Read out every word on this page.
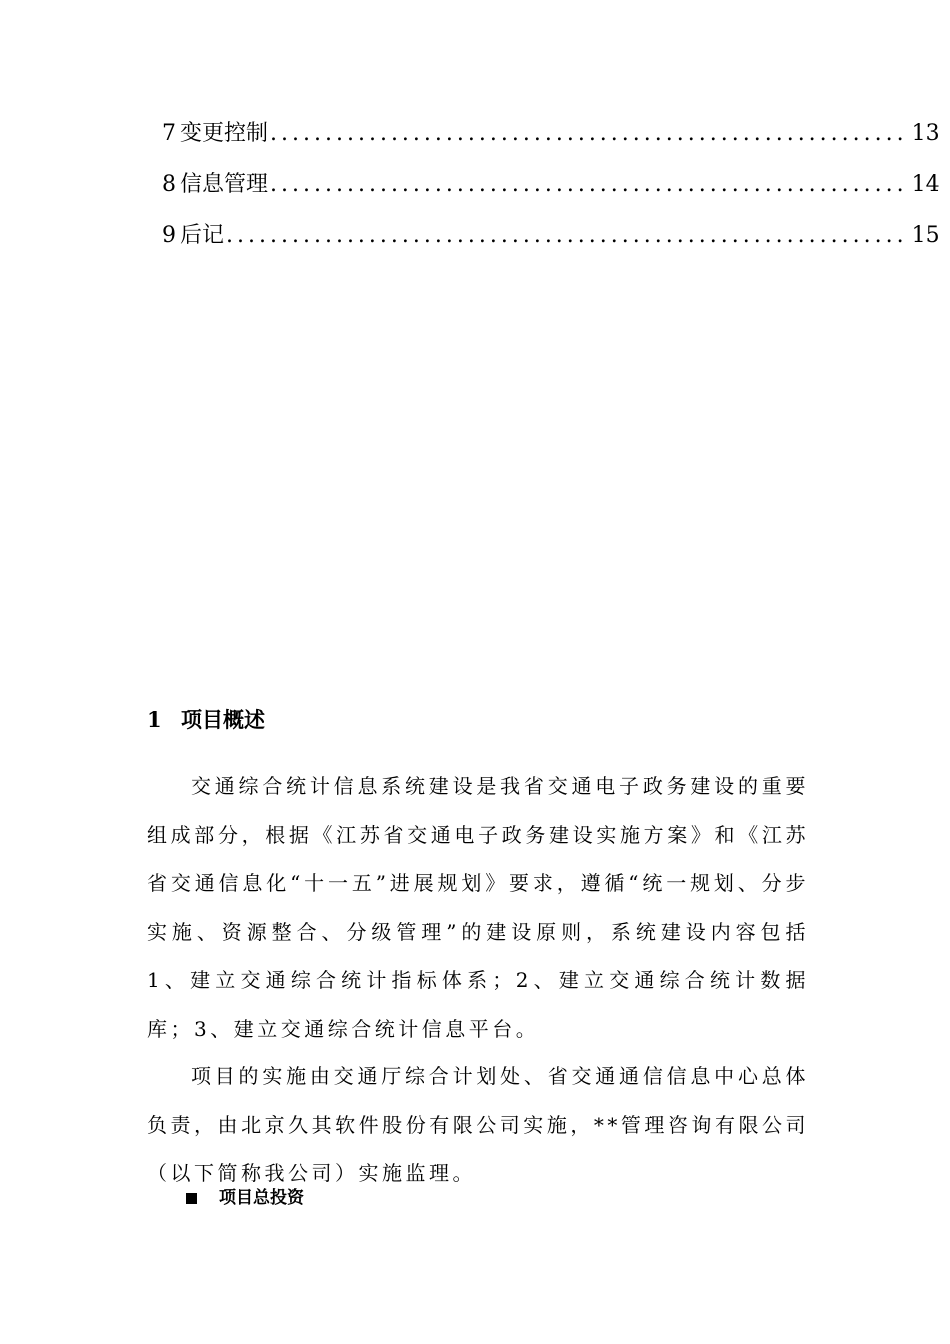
7 变更控制 .......................................................... 13
8 信息管理 .......................................................... 14
9 后记 .............................................................. 15
1 项目概述

交通综合统计信息系统建设是我省交通电子政务建设的重要组成部分，根据《江苏省交通电子政务建设实施方案》和《江苏省交通信息化“十一五”进展规划》要求，遵循“统一规划、分步实施、资源整合、分级管理”的建设原则，系统建设内容包括 1、建立交通综合统计指标体系；2、建立交通综合统计数据库；3、建立交通综合统计信息平台。

项目的实施由交通厅综合计划处、省交通通信信息中心总体负责，由北京久其软件股份有限公司实施，**管理咨询有限公司（以下简称我公司）实施监理。

项目总投资
